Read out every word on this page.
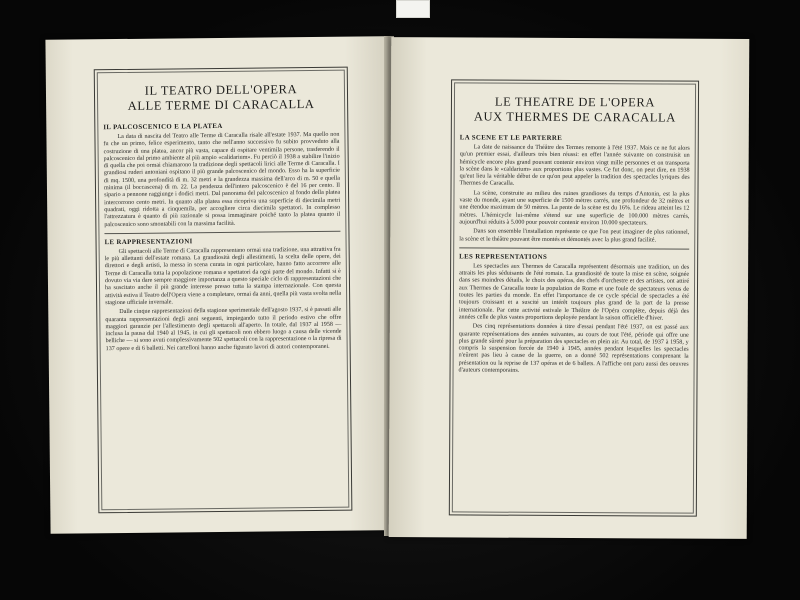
IL TEATRO DELL'OPERA
ALLE TERME DI CARACALLA
IL PALCOSCENICO E LA PLATEA

La data di nascita del Teatro alle Terme di Caracalla risale all'estate 1937. Ma quello non fu che un primo, felice esperimento, tanto che nell'anno successivo fu subito provveduto alla costruzione di una platea, ancor più vasta, capace di ospitare ventimila persone, trasferendo il palcoscenico dal primo ambiente al più ampio «calidarium». Fu perciò il 1938 a stabilire l'inizio di quella che poi ormai chiamarono la tradizione degli spettacoli lirici alle Terme di Caracalla. I grandiosi ruderi antoniani ospitano il più grande palcoscenico del mondo. Esso ha la superficie di mq. 1500, una profondità di m. 32 metri e la grandezza massima dell'arco di m. 50 e quella minima (il boccascena) di m. 22. La pendenza dell'intero palcoscenico è del 16 per cento. Il sipario a pennone raggiunge i dodici metri. Dal panorama del palcoscenico al fondo della platea intercorrono cento metri. In quanto alla platea essa ricopriva una superficie di diecimila metri quadrati, oggi ridotta a cinquemila, per accogliere circa diecimila spettatori. In complesso l'attrezzatura è quanto di più razionale si possa immaginare poiché tanto la platea quanto il palcoscenico sono smontabili con la massima facilità.

LE RAPPRESENTAZIONI

Gli spettacoli alle Terme di Caracalla rappresentano ormai una tradizione, una attrattiva fra le più allettanti dell'estate romana. La grandiosità degli allestimenti, la scelta delle opere, dei direttori e degli artisti, la messa in scena curata in ogni particolare, hanno fatto accorrere alle Terme di Caracalla tutta la popolazione romana e spettatori da ogni parte del mondo. Infatti si è dovuto via via dare sempre maggiore importanza a questo speciale ciclo di rappresentazioni che ha suscitato anche il più grande interesse presso tutta la stampa internazionale. Con questa attività estiva il Teatro dell'Opera viene a completare, ormai da anni, quella più vasta svolta nella stagione ufficiale invernale.

Dalle cinque rappresentazioni della stagione sperimentale dell'agosto 1937, si è passati alle quaranta rappresentazioni degli anni seguenti, impiegando tutto il periodo estivo che offre maggiori garanzie per l'allestimento degli spettacoli all'aperto. In totale, dal 1937 al 1958 — inclusa la pausa dal 1940 al 1945, in cui gli spettacoli non ebbero luogo a causa delle vicende belliche — si sono avuti complessivamente 502 spettacoli con la rappresentazione o la ripresa di 137 opere e di 6 balletti. Nei cartelloni hanno anche figurato lavori di autori contemporanei.

LE THEATRE DE L'OPERA
AUX THERMES DE CARACALLA
LA SCENE ET LE PARTERRE

La date de naissance du Théâtre des Termes remonte à l'été 1937. Mais ce ne fut alors qu'un premier essai, d'ailleurs très bien réussi: en effet l'année suivante on construisit un hémicycle encore plus grand pouvant contenir environ vingt mille personnes et on transporta la scène dans le «caldarium» aux proportions plus vastes. Ce fut donc, on peut dire, en 1938 qu'eut lieu la véritable début de ce qu'on peut appeler la tradition des spectacles lyriques des Thermes de Caracalla.

La scène, construite au milieu des ruines grandioses du temps d'Antonin, est la plus vaste du monde, ayant une superficie de 1500 mètres carrés, une profondeur de 32 mètres et une étendue maximum de 50 mètres. La pente de la scène est du 16%. Le rideau atteint les 12 mètres. L'hémicycle lui-même s'étend sur une superficie de 100.000 mètres carrés, aujourd'hui réduits à 5.000 pour pouvoir contenir environ 10.000 spectateurs.

Dans son ensemble l'installation représente ce que l'on peut imaginer de plus rationnel, la scène et le théâtre pouvant être montés et démontés avec la plus grand facilité.

LES REPRESENTATIONS

Les spectacles aux Thermes de Caracalla représentent désormais une tradition, un des attraits les plus séduisants de l'été romain. La grandiosité de toute la mise en scène, soignée dans ses moindres détails, le choix des opéras, des chefs d'orchestre et des artistes, ont attiré aux Thermes de Caracalla toute la population de Rome et une foule de spectateurs venus de toutes les parties du monde. En effet l'importance de ce cycle spécial de spectacles a été toujours croissant et a suscité un intérêt toujours plus grand de la part de la presse internationale. Par cette activité estivale le Théâtre de l'Opéra complète, depuis déjà des années celle de plus vastes proportions deployée pendant la saison officielle d'hiver.

Des cinq représentations données à titre d'essai pendant l'été 1937, on est passé aux quarante représentations des années suivantes, au cours de tout l'été, période qui offre une plus grande sûreté pour la préparation des spectacles en plein air. Au total, de 1937 à 1958, y compris la suspension forcée de 1940 à 1945, années pendant lesquelles les spectacles n'eûrent pas lieu à cause de la guerre, on a donné 502 représentations comprenant la présentation ou la reprise de 137 opéras et de 6 ballets. A l'affiche ont paru aussi des oeuvres d'auteurs contemporains.
